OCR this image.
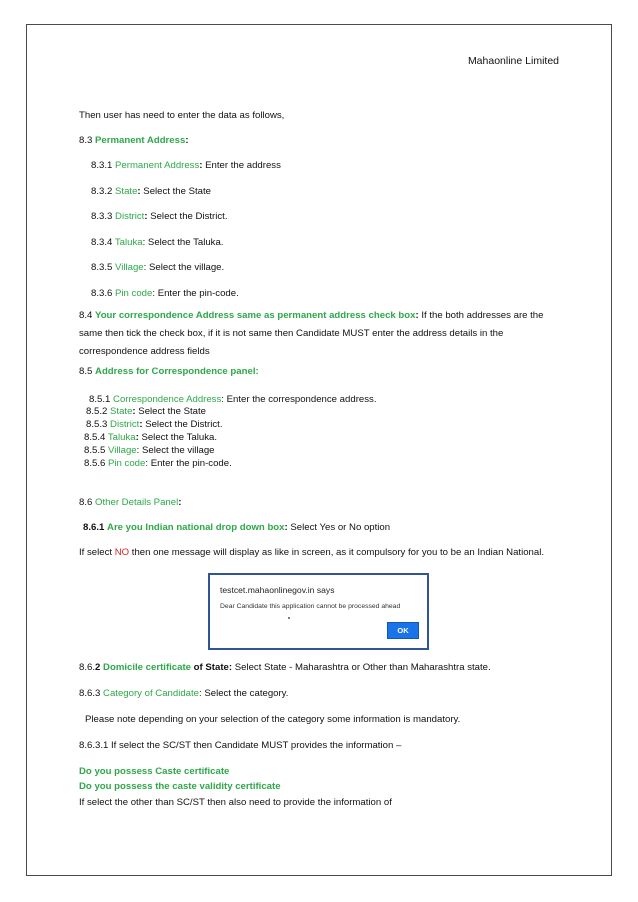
Mahaonline Limited
Then user has need to enter the data as follows,
8.3 Permanent Address:
8.3.1 Permanent Address: Enter the address
8.3.2 State: Select the State
8.3.3 District: Select the District.
8.3.4 Taluka: Select the Taluka.
8.3.5 Village: Select the village.
8.3.6 Pin code: Enter the pin-code.
8.4 Your correspondence Address same as permanent address check box: If the both addresses are the same then tick the check box, if it is not same then Candidate MUST enter the address details in the correspondence address fields
8.5 Address for Correspondence panel:
8.5.1 Correspondence Address: Enter the correspondence address.
8.5.2 State: Select the State
8.5.3 District: Select the District.
8.5.4 Taluka: Select the Taluka.
8.5.5 Village: Select the village
8.5.6 Pin code: Enter the pin-code.
8.6 Other Details Panel:
8.6.1 Are you Indian national drop down box: Select Yes or No option
If select NO then one message will display as like in screen, as it compulsory for you to be an Indian National.
testcet.mahaonlinegov.in says
Dear Candidate this application cannot be processed ahead
OK
8.6.2 Domicile certificate of State: Select State - Maharashtra or Other than Maharashtra state.
8.6.3 Category of Candidate: Select the category.
Please note depending on your selection of the category some information is mandatory.
8.6.3.1 If select the SC/ST then Candidate MUST provides the information –
Do you possess Caste certificate
Do you possess the caste validity certificate
If select the other than SC/ST then also need to provide the information of
